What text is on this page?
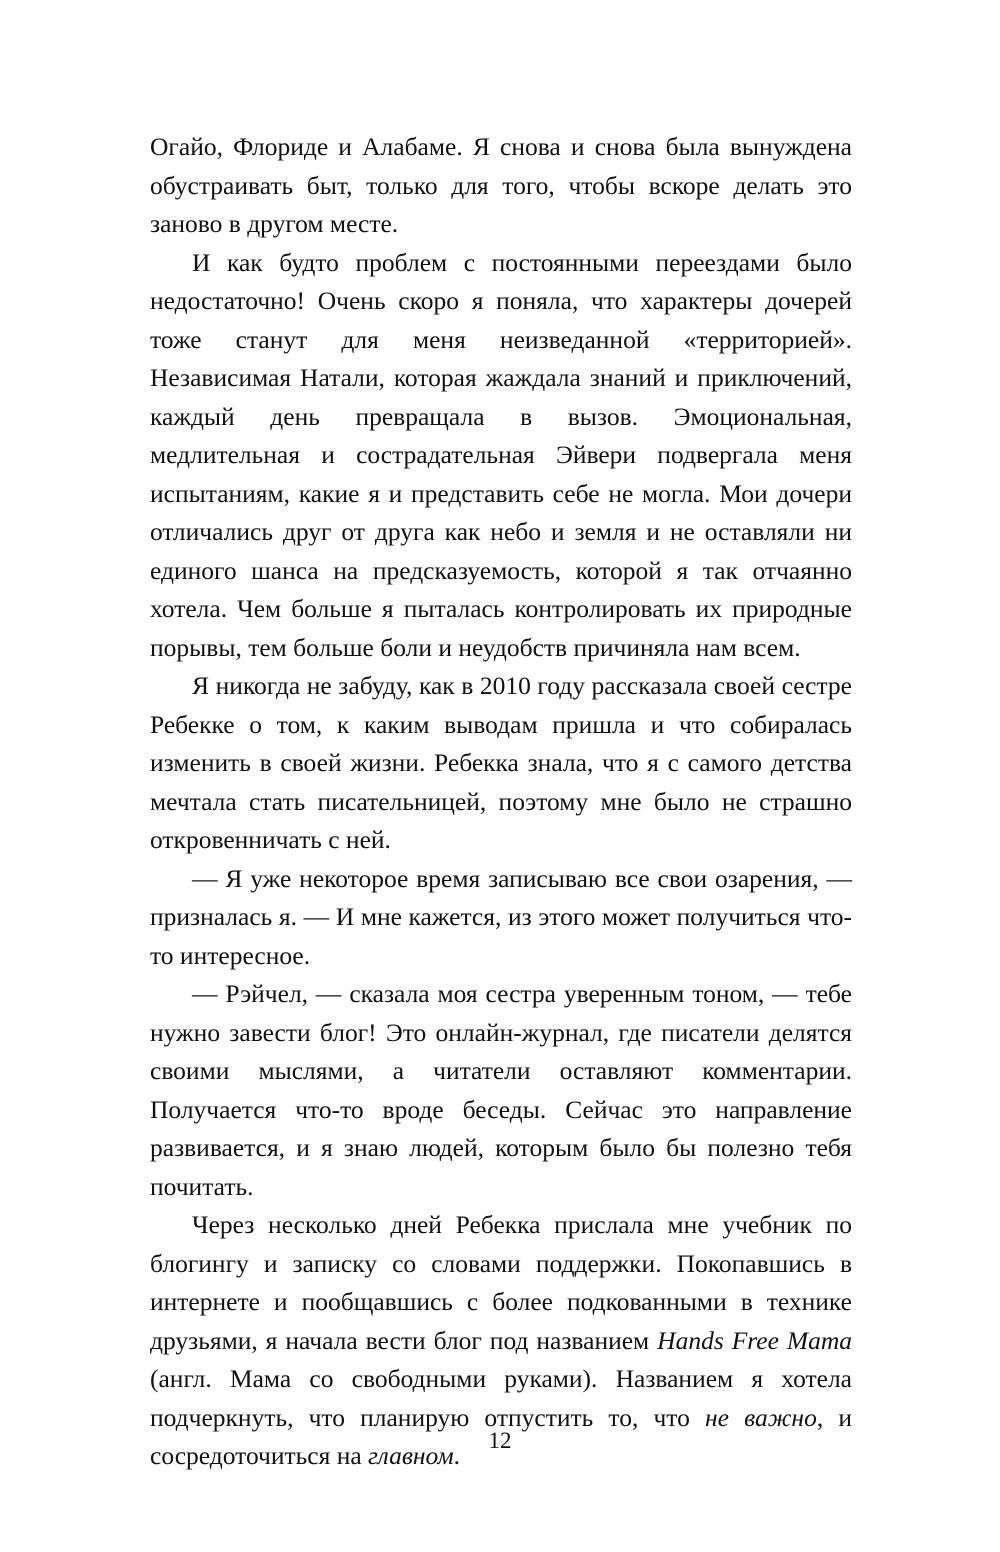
Огайо, Флориде и Алабаме. Я снова и снова была вынуждена обустраивать быт, только для того, чтобы вскоре делать это заново в другом месте.

И как будто проблем с постоянными переездами было недостаточно! Очень скоро я поняла, что характеры дочерей тоже станут для меня неизведанной «территорией». Независимая Натали, которая жаждала знаний и приключений, каждый день превращала в вызов. Эмоциональная, медлительная и сострадательная Эйвери подвергала меня испытаниям, какие я и представить себе не могла. Мои дочери отличались друг от друга как небо и земля и не оставляли ни единого шанса на предсказуемость, которой я так отчаянно хотела. Чем больше я пыталась контролировать их природные порывы, тем больше боли и неудобств причиняла нам всем.

Я никогда не забуду, как в 2010 году рассказала своей сестре Ребекке о том, к каким выводам пришла и что собиралась изменить в своей жизни. Ребекка знала, что я с самого детства мечтала стать писательницей, поэтому мне было не страшно откровенничать с ней.

— Я уже некоторое время записываю все свои озарения, — призналась я. — И мне кажется, из этого может получиться что-то интересное.

— Рэйчел, — сказала моя сестра уверенным тоном, — тебе нужно завести блог! Это онлайн-журнал, где писатели делятся своими мыслями, а читатели оставляют комментарии. Получается что-то вроде беседы. Сейчас это направление развивается, и я знаю людей, которым было бы полезно тебя почитать.

Через несколько дней Ребекка прислала мне учебник по блогингу и записку со словами поддержки. Покопавшись в интернете и пообщавшись с более подкованными в технике друзьями, я начала вести блог под названием Hands Free Mama (англ. Мама со свободными руками). Названием я хотела подчеркнуть, что планирую отпустить то, что не важно, и сосредоточиться на главном.

12
